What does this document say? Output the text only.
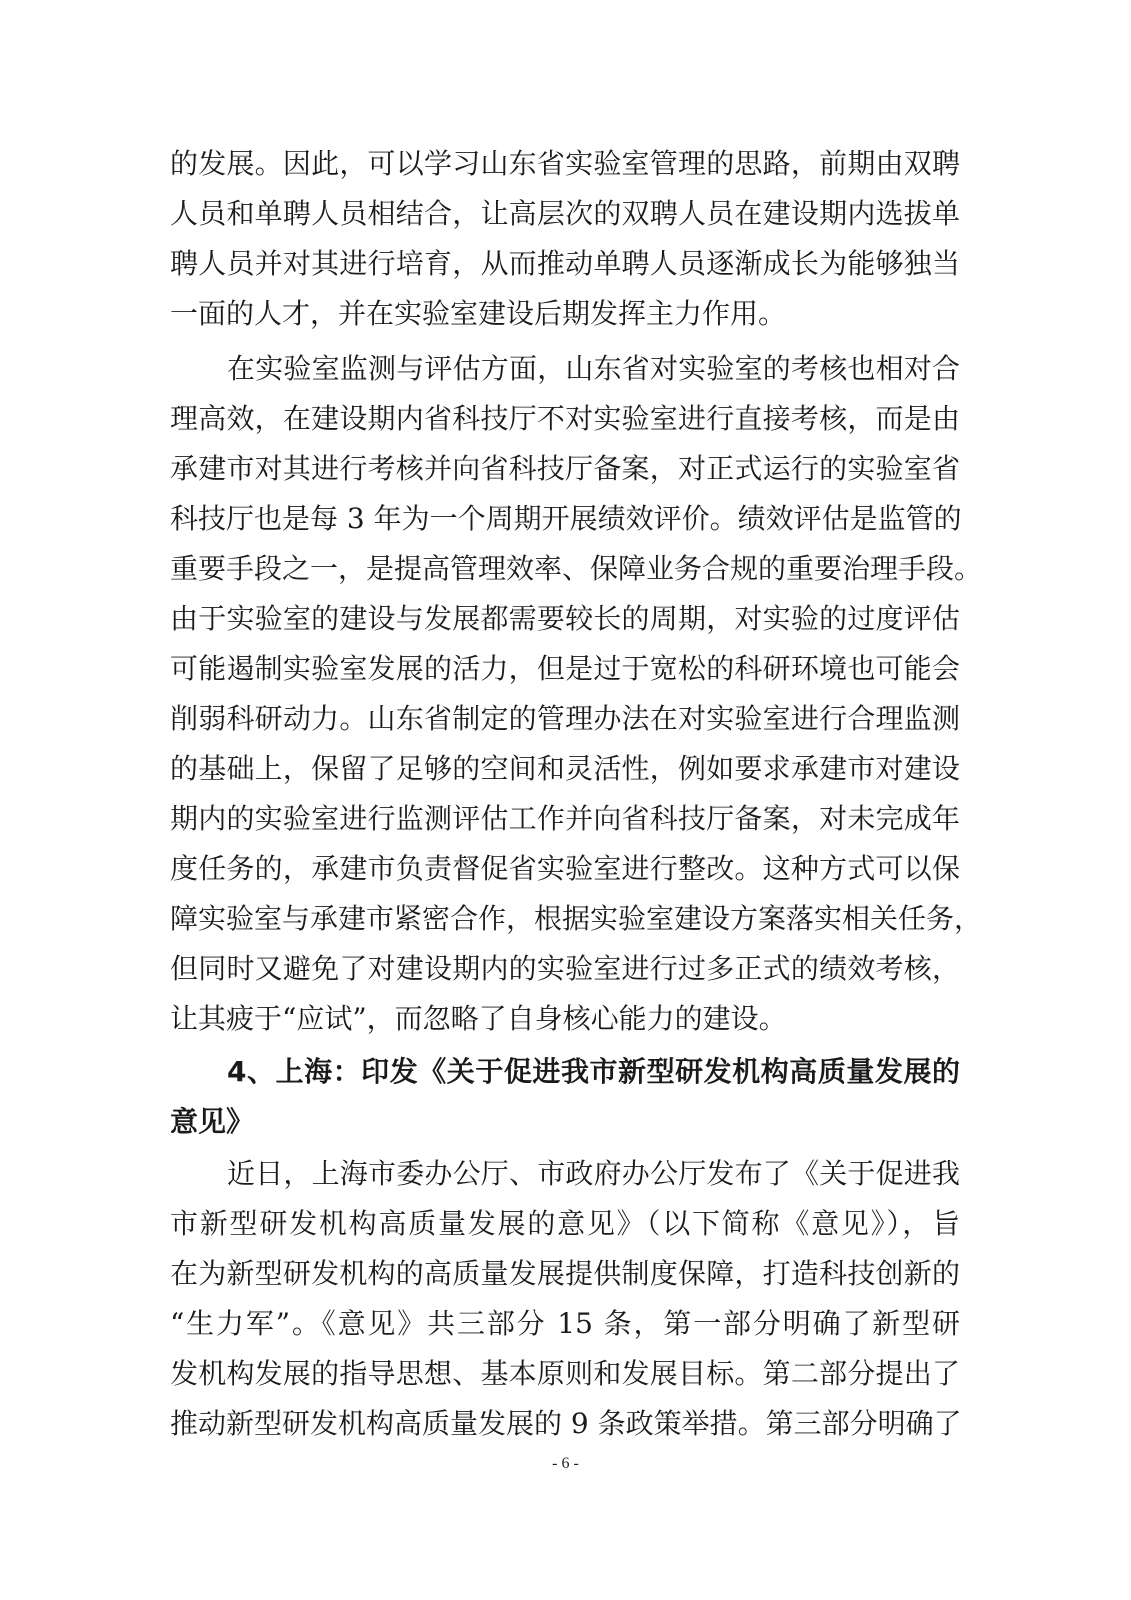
的发展。因此，可以学习山东省实验室管理的思路，前期由双聘
人员和单聘人员相结合，让高层次的双聘人员在建设期内选拔单
聘人员并对其进行培育，从而推动单聘人员逐渐成长为能够独当
一面的人才，并在实验室建设后期发挥主力作用。
在实验室监测与评估方面，山东省对实验室的考核也相对合
理高效，在建设期内省科技厅不对实验室进行直接考核，而是由
承建市对其进行考核并向省科技厅备案，对正式运行的实验室省
科技厅也是每 3 年为一个周期开展绩效评价。绩效评估是监管的
重要手段之一，是提高管理效率、保障业务合规的重要治理手段。
由于实验室的建设与发展都需要较长的周期，对实验的过度评估
可能遏制实验室发展的活力，但是过于宽松的科研环境也可能会
削弱科研动力。山东省制定的管理办法在对实验室进行合理监测
的基础上，保留了足够的空间和灵活性，例如要求承建市对建设
期内的实验室进行监测评估工作并向省科技厅备案，对未完成年
度任务的，承建市负责督促省实验室进行整改。这种方式可以保
障实验室与承建市紧密合作，根据实验室建设方案落实相关任务，
但同时又避免了对建设期内的实验室进行过多正式的绩效考核，
让其疲于“应试”，而忽略了自身核心能力的建设。
4、上海：印发《关于促进我市新型研发机构高质量发展的
意见》
近日，上海市委办公厅、市政府办公厅发布了《关于促进我
市新型研发机构高质量发展的意见》（以下简称《意见》），旨
在为新型研发机构的高质量发展提供制度保障，打造科技创新的
“生力军”。《意见》共三部分 15 条，第一部分明确了新型研
发机构发展的指导思想、基本原则和发展目标。第二部分提出了
推动新型研发机构高质量发展的 9 条政策举措。第三部分明确了
- 6 -
